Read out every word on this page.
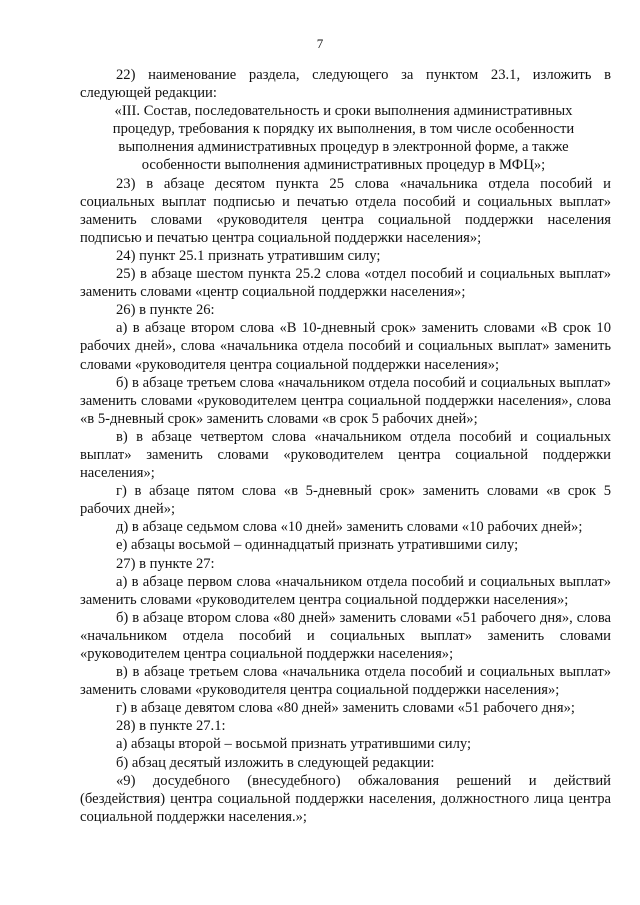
7

22) наименование раздела, следующего за пунктом 23.1, изложить в следующей редакции:

«III. Состав, последовательность и сроки выполнения административных

процедур, требования к порядку их выполнения, в том числе особенности

выполнения административных процедур в электронной форме, а также

особенности выполнения административных процедур в МФЦ»;

23) в абзаце десятом пункта 25 слова «начальника отдела пособий и социальных выплат подписью и печатью отдела пособий и социальных выплат» заменить словами «руководителя центра социальной поддержки населения подписью и печатью центра социальной поддержки населения»;

24) пункт 25.1 признать утратившим силу;

25) в абзаце шестом пункта 25.2 слова «отдел пособий и социальных выплат» заменить словами «центр социальной поддержки населения»;

26) в пункте 26:

а) в абзаце втором слова «В 10-дневный срок» заменить словами «В срок 10 рабочих дней», слова «начальника отдела пособий и социальных выплат» заменить словами «руководителя центра социальной поддержки населения»;

б) в абзаце третьем слова «начальником отдела пособий и социальных выплат» заменить словами «руководителем центра социальной поддержки населения», слова «в 5-дневный срок» заменить словами «в срок 5 рабочих дней»;

в) в абзаце четвертом слова «начальником отдела пособий и социальных выплат» заменить словами «руководителем центра социальной поддержки населения»;

г) в абзаце пятом слова «в 5-дневный срок» заменить словами «в срок 5 рабочих дней»;

д) в абзаце седьмом слова «10 дней» заменить словами «10 рабочих дней»;

е) абзацы восьмой – одиннадцатый признать утратившими силу;

27) в пункте 27:

а) в абзаце первом слова «начальником отдела пособий и социальных выплат» заменить словами «руководителем центра социальной поддержки населения»;

б) в абзаце втором слова «80 дней» заменить словами «51 рабочего дня», слова «начальником отдела пособий и социальных выплат» заменить словами «руководителем центра социальной поддержки населения»;

в) в абзаце третьем слова «начальника отдела пособий и социальных выплат» заменить словами «руководителя центра социальной поддержки населения»;

г) в абзаце девятом слова «80 дней» заменить словами «51 рабочего дня»;

28) в пункте 27.1:

а) абзацы второй – восьмой признать утратившими силу;

б) абзац десятый изложить в следующей редакции:

«9) досудебного (внесудебного) обжалования решений и действий (бездействия) центра социальной поддержки населения, должностного лица центра социальной поддержки населения.»;
